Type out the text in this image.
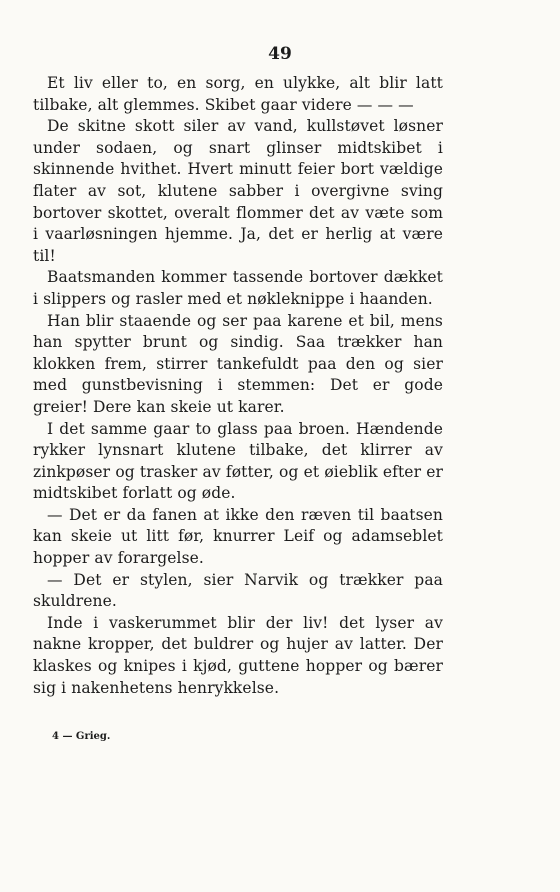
49

Et liv eller to, en sorg, en ulykke, alt blir latt tilbake, alt glemmes. Skibet gaar videre — — —

De skitne skott siler av vand, kullstøvet løsner under sodaen, og snart glinser midtskibet i skinnende hvithet. Hvert minutt feier bort vældige flater av sot, klutene sabber i overgivne sving bortover skottet, overalt flommer det av væte som i vaarløsningen hjemme. Ja, det er herlig at være til!

Baatsmanden kommer tassende bortover dækket i slippers og rasler med et nøkleknippe i haanden.

Han blir staaende og ser paa karene et bil, mens han spytter brunt og sindig. Saa trækker han klokken frem, stirrer tankefuldt paa den og sier med gunstbevisning i stemmen: Det er gode greier! Dere kan skeie ut karer.

I det samme gaar to glass paa broen. Hændende rykker lynsnart klutene tilbake, det klirrer av zinkpøser og trasker av føtter, og et øieblik efter er midtskibet forlatt og øde.

— Det er da fanen at ikke den ræven til baatsen kan skeie ut litt før, knurrer Leif og adamseblet hopper av forargelse.

— Det er stylen, sier Narvik og trækker paa skuldrene.

Inde i vaskerummet blir der liv! det lyser av nakne kropper, det buldrer og hujer av latter. Der klaskes og knipes i kjød, guttene hopper og bærer sig i nakenhetens henrykkelse.

4 — Grieg.
